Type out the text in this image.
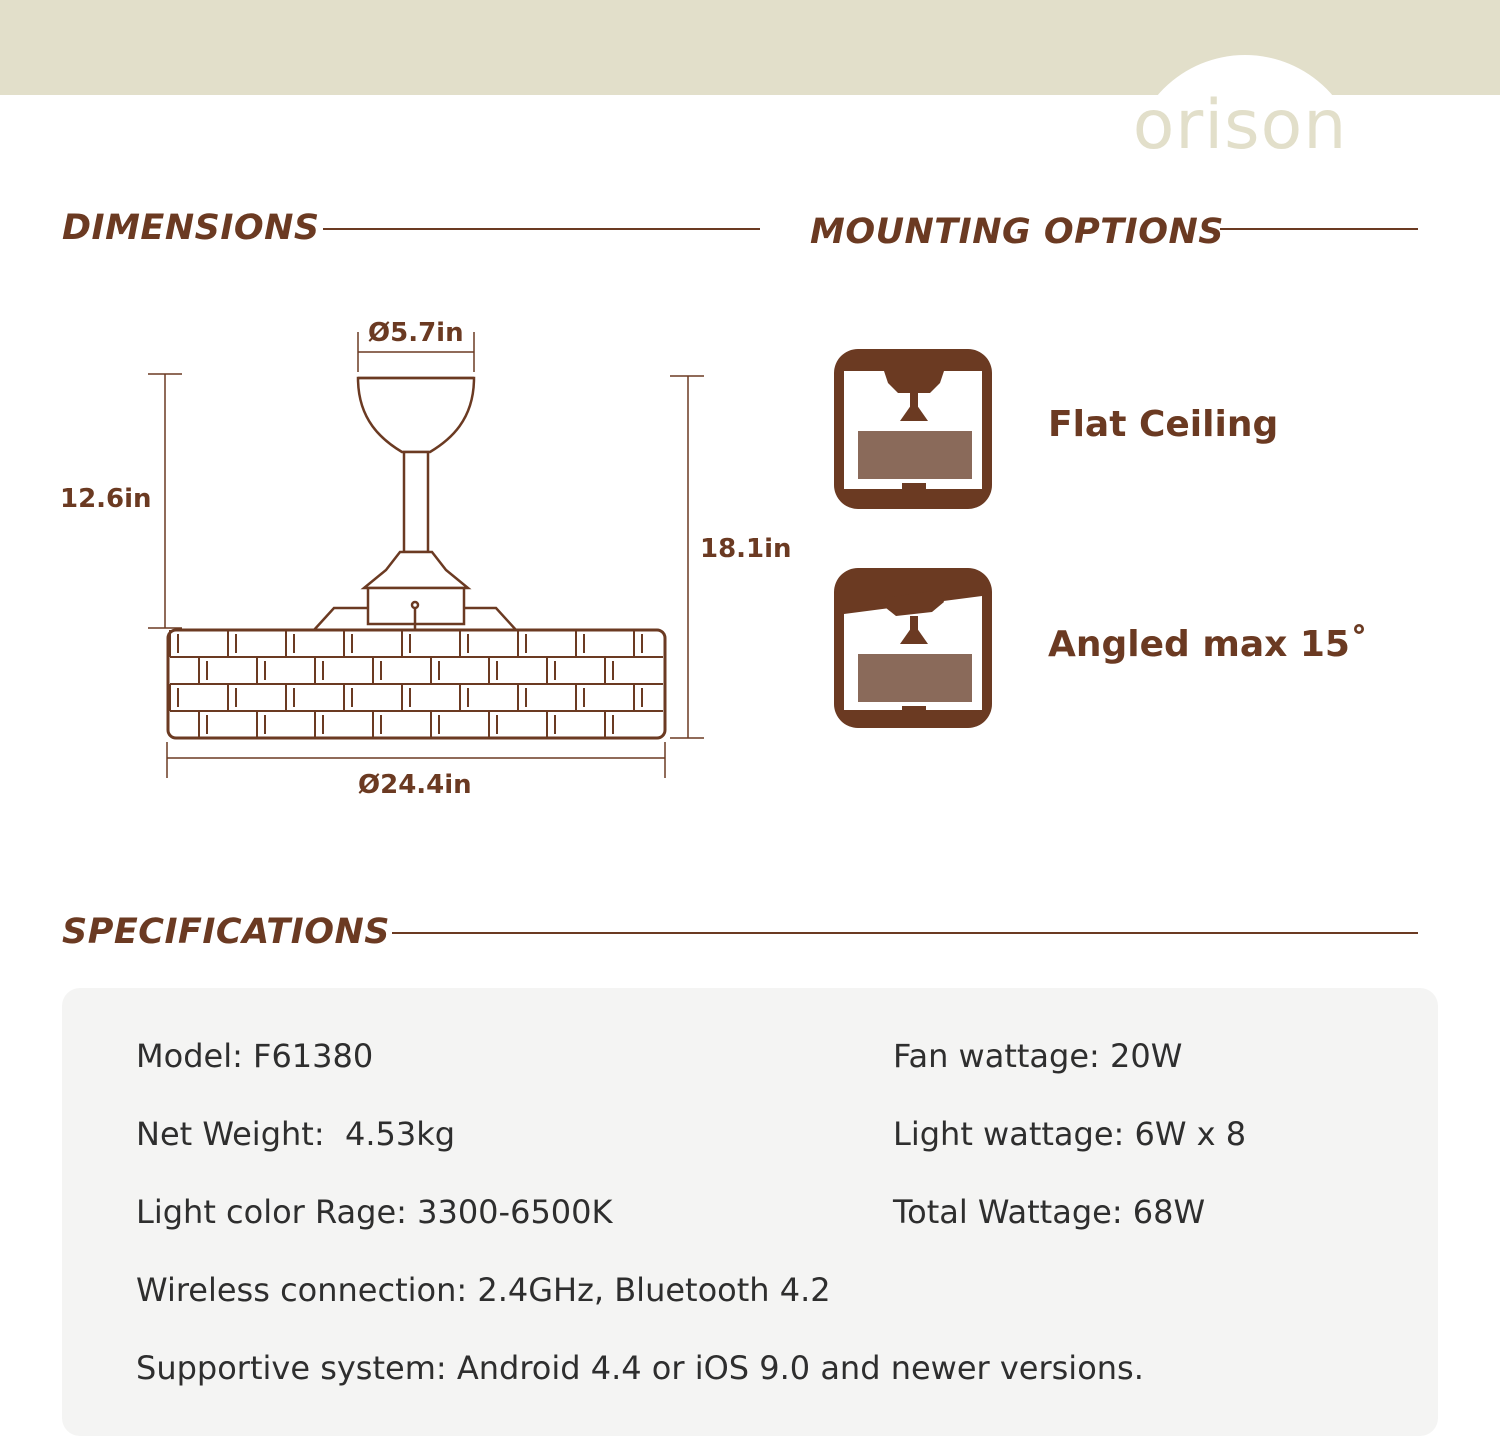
orison
DIMENSIONS	MOUNTING OPTIONS
Ø5.7in
12.6in
18.1in
Ø24.4in
Flat Ceiling
Angled max 15˚
SPECIFICATIONS
Model: F61380
Net Weight:  4.53kg
Light color Rage: 3300-6500K
Wireless connection: 2.4GHz, Bluetooth 4.2
Supportive system: Android 4.4 or iOS 9.0 and newer versions.
Fan wattage: 20W
Light wattage: 6W x 8
Total Wattage: 68W
